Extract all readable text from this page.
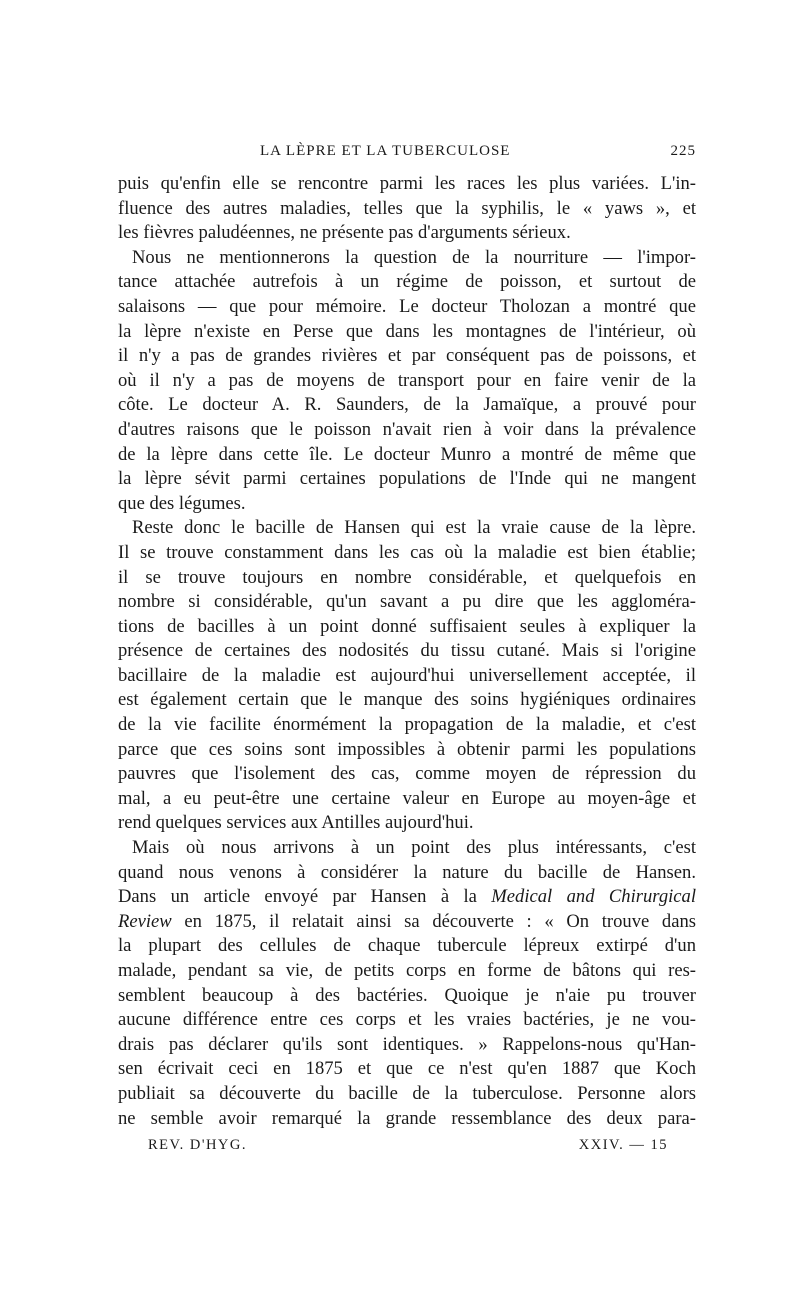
LA LÈPRE ET LA TUBERCULOSE	225
puis qu'enfin elle se rencontre parmi les races les plus variées. L'in-
fluence des autres maladies, telles que la syphilis, le « yaws », et
les fièvres paludéennes, ne présente pas d'arguments sérieux.
Nous ne mentionnerons la question de la nourriture — l'impor-
tance attachée autrefois à un régime de poisson, et surtout de
salaisons — que pour mémoire. Le docteur Tholozan a montré que
la lèpre n'existe en Perse que dans les montagnes de l'intérieur, où
il n'y a pas de grandes rivières et par conséquent pas de poissons, et
où il n'y a pas de moyens de transport pour en faire venir de la
côte. Le docteur A. R. Saunders, de la Jamaïque, a prouvé pour
d'autres raisons que le poisson n'avait rien à voir dans la prévalence
de la lèpre dans cette île. Le docteur Munro a montré de même que
la lèpre sévit parmi certaines populations de l'Inde qui ne mangent
que des légumes.
Reste donc le bacille de Hansen qui est la vraie cause de la lèpre.
Il se trouve constamment dans les cas où la maladie est bien établie;
il se trouve toujours en nombre considérable, et quelquefois en
nombre si considérable, qu'un savant a pu dire que les aggloméra-
tions de bacilles à un point donné suffisaient seules à expliquer la
présence de certaines des nodosités du tissu cutané. Mais si l'origine
bacillaire de la maladie est aujourd'hui universellement acceptée, il
est également certain que le manque des soins hygiéniques ordinaires
de la vie facilite énormément la propagation de la maladie, et c'est
parce que ces soins sont impossibles à obtenir parmi les populations
pauvres que l'isolement des cas, comme moyen de répression du
mal, a eu peut-être une certaine valeur en Europe au moyen-âge et
rend quelques services aux Antilles aujourd'hui.
Mais où nous arrivons à un point des plus intéressants, c'est
quand nous venons à considérer la nature du bacille de Hansen.
Dans un article envoyé par Hansen à la Medical and Chirurgical
Review en 1875, il relatait ainsi sa découverte : « On trouve dans
la plupart des cellules de chaque tubercule lépreux extirpé d'un
malade, pendant sa vie, de petits corps en forme de bâtons qui res-
semblent beaucoup à des bactéries. Quoique je n'aie pu trouver
aucune différence entre ces corps et les vraies bactéries, je ne vou-
drais pas déclarer qu'ils sont identiques. » Rappelons-nous qu'Han-
sen écrivait ceci en 1875 et que ce n'est qu'en 1887 que Koch
publiait sa découverte du bacille de la tuberculose. Personne alors
ne semble avoir remarqué la grande ressemblance des deux para-
REV. D'HYG.	XXIV. — 15
